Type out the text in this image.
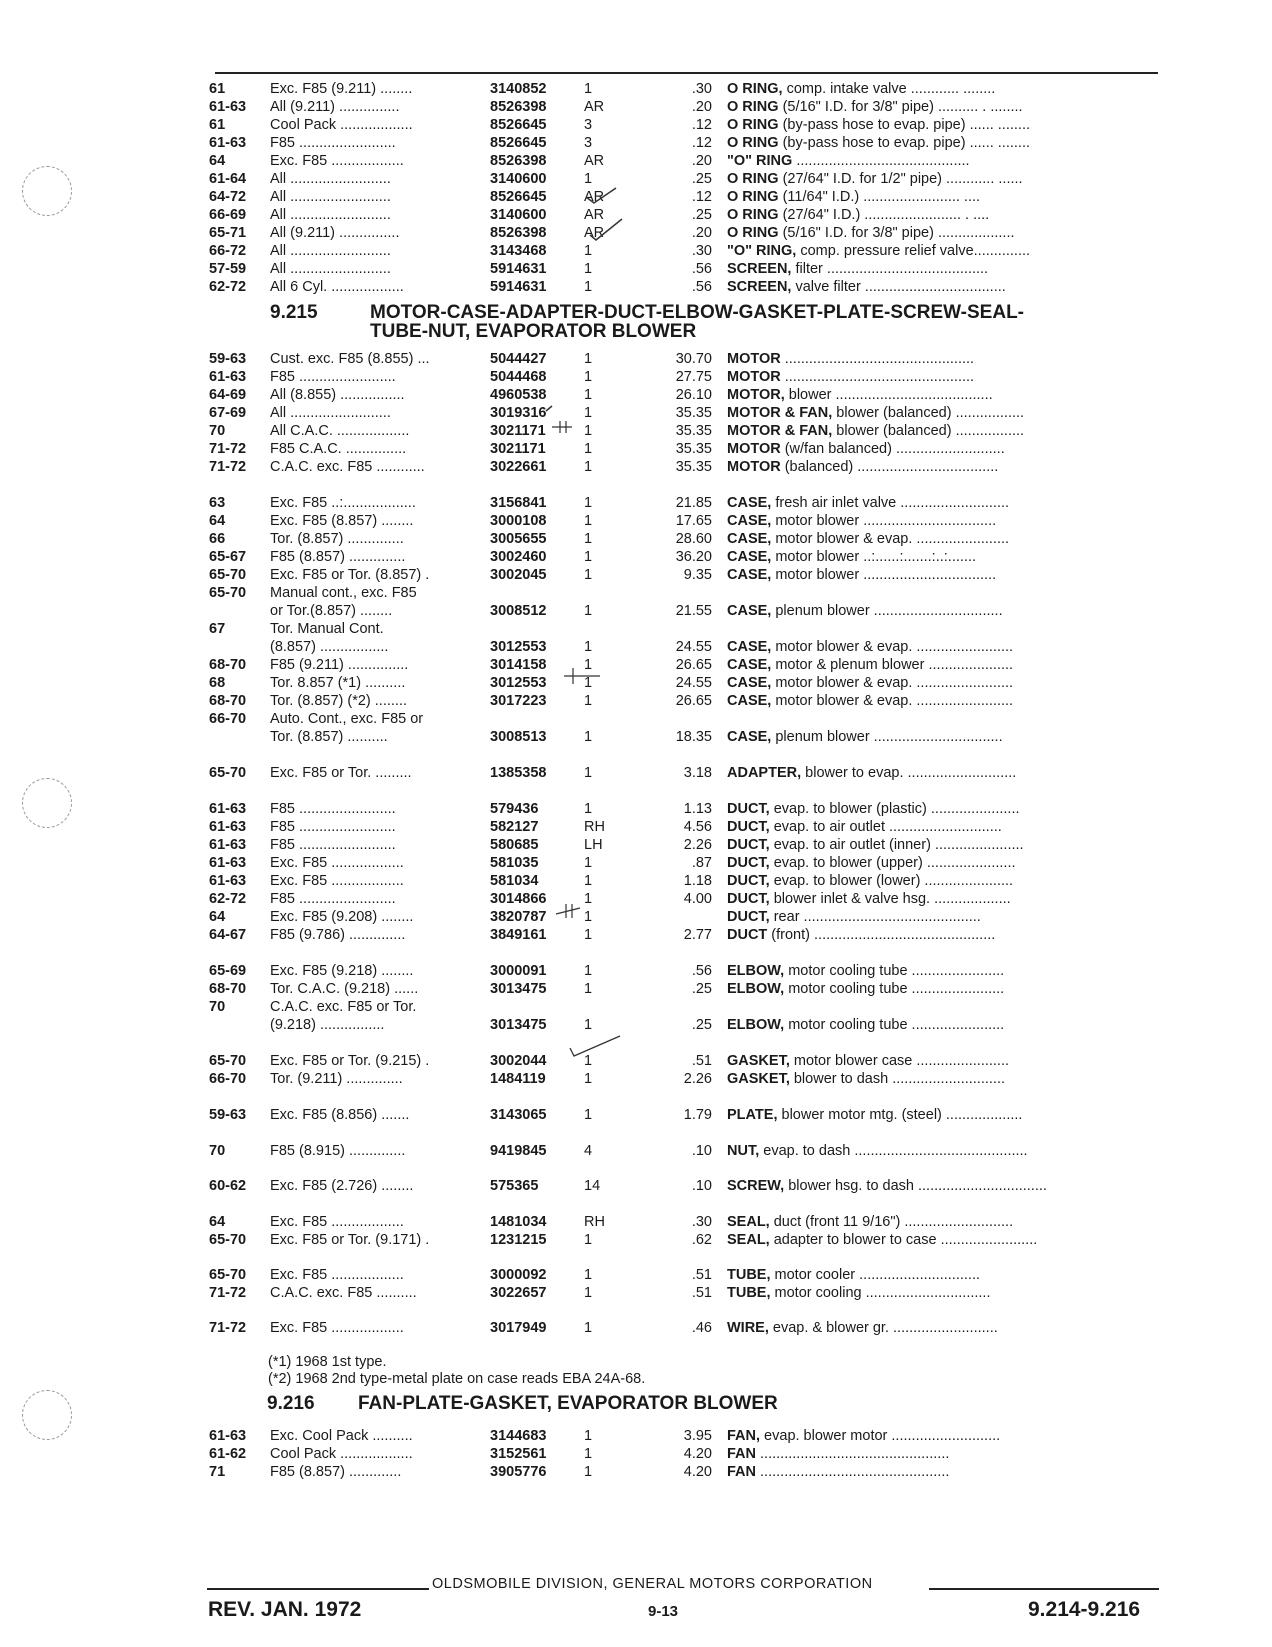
61	Exc. F85 (9.211) ........	3140852	1	.30 O RING, comp. intake valve ............ ........
61-63	All (9.211) ...............	8526398	AR	.20 O RING (5/16" I.D. for 3/8" pipe) .......... . ........
61	Cool Pack ..................	8526645	3	.12 O RING (by-pass hose to evap. pipe) ...... ........
61-63	F85 ........................	8526645	3	.12 O RING (by-pass hose to evap. pipe) ...... ........
64	Exc. F85 ..................	8526398	AR	.20 "O" RING ...........................................
61-64	All .........................	3140600	1	.25 O RING (27/64" I.D. for 1/2" pipe) ............ ......
64-72	All .........................	8526645	AR	.12 O RING (11/64" I.D.) ........................ ....
66-69	All .........................	3140600	AR	.25 O RING (27/64" I.D.) ........................ . ....
65-71	All (9.211) ...............	8526398	AR	.20 O RING (5/16" I.D. for 3/8" pipe) ...................
66-72	All .........................	3143468	1	.30 "O" RING, comp. pressure relief valve..............
57-59	All .........................	5914631	1	.56 SCREEN, filter ........................................
62-72	All 6 Cyl. ..................	5914631	1	.56 SCREEN, valve filter ...................................
59-63	Cust. exc. F85 (8.855) ...	5044427	1	30.70 MOTOR ...............................................
61-63	F85 ........................	5044468	1	27.75 MOTOR ...............................................
64-69	All (8.855) ................	4960538	1	26.10 MOTOR, blower .......................................
67-69	All .........................	3019316	1	35.35 MOTOR & FAN, blower (balanced) .................
70	All C.A.C. ..................	3021171	1	35.35 MOTOR & FAN, blower (balanced) .................
71-72	F85 C.A.C. ...............	3021171	1	35.35 MOTOR (w/fan balanced) ...........................
71-72	C.A.C. exc. F85 ............	3022661	1	35.35 MOTOR (balanced) ...................................
63	Exc. F85 ..:..................	3156841	1	21.85 CASE, fresh air inlet valve ...........................
64	Exc. F85 (8.857) ........	3000108	1	17.65 CASE, motor blower .................................
66	Tor. (8.857) ..............	3005655	1	28.60 CASE, motor blower & evap. .......................
65-67	F85 (8.857) ..............	3002460	1	36.20 CASE, motor blower ..:......:.......:..:.......
65-70	Exc. F85 or Tor. (8.857) .	3002045	1	9.35 CASE, motor blower .................................
65-70	Manual cont., exc. F85
or Tor.(8.857) ........	3008512	1	21.55 CASE, plenum blower ................................
67	Tor. Manual Cont.
(8.857) .................	3012553	1	24.55 CASE, motor blower & evap. ........................
68-70	F85 (9.211) ...............	3014158	1	26.65 CASE, motor & plenum blower .....................
68	Tor. 8.857 (*1) ..........	3012553	1	24.55 CASE, motor blower & evap. ........................
68-70	Tor. (8.857) (*2) ........	3017223	1	26.65 CASE, motor blower & evap. ........................
66-70	Auto. Cont., exc. F85 or
Tor. (8.857) ..........	3008513	1	18.35 CASE, plenum blower ................................
65-70	Exc. F85 or Tor. .........	1385358	1	3.18 ADAPTER, blower to evap. ...........................
61-63	F85 ........................	579436	1	1.13 DUCT, evap. to blower (plastic) ......................
61-63	F85 ........................	582127	RH	4.56 DUCT, evap. to air outlet ............................
61-63	F85 ........................	580685	LH	2.26 DUCT, evap. to air outlet (inner) ......................
61-63	Exc. F85 ..................	581035	1	.87 DUCT, evap. to blower (upper) ......................
61-63	Exc. F85 ..................	581034	1	1.18 DUCT, evap. to blower (lower) ......................
62-72	F85 ........................	3014866	1	4.00 DUCT, blower inlet & valve hsg. ...................
64	Exc. F85 (9.208) ........	3820787	1	DUCT, rear ............................................
64-67	F85 (9.786) ..............	3849161	1	2.77 DUCT (front) .............................................
65-69	Exc. F85 (9.218) ........	3000091	1	.56 ELBOW, motor cooling tube .......................
68-70	Tor. C.A.C. (9.218) ......	3013475	1	.25 ELBOW, motor cooling tube .......................
70	C.A.C. exc. F85 or Tor.
(9.218) ................	3013475	1	.25 ELBOW, motor cooling tube .......................
65-70	Exc. F85 or Tor. (9.215) .	3002044	1	.51 GASKET, motor blower case .......................
66-70	Tor. (9.211) ..............	1484119	1	2.26 GASKET, blower to dash ............................
59-63	Exc. F85 (8.856) .......	3143065	1	1.79 PLATE, blower motor mtg. (steel) ...................
70	F85 (8.915) ..............	9419845	4	.10 NUT, evap. to dash ...........................................
60-62	Exc. F85 (2.726) ........	575365	14	.10 SCREW, blower hsg. to dash ................................
64	Exc. F85 ..................	1481034	RH	.30 SEAL, duct (front 11 9/16") ...........................
65-70	Exc. F85 or Tor. (9.171) .	1231215	1	.62 SEAL, adapter to blower to case ........................
65-70	Exc. F85 ..................	3000092	1	.51 TUBE, motor cooler ..............................
71-72	C.A.C. exc. F85 ..........	3022657	1	.51 TUBE, motor cooling ...............................
71-72	Exc. F85 ..................	3017949	1	.46 WIRE, evap. & blower gr. ..........................
61-63	Exc. Cool Pack ..........	3144683	1	3.95 FAN, evap. blower motor ...........................
61-62	Cool Pack ..................	3152561	1	4.20 FAN ...............................................
71	F85 (8.857) .............	3905776	1	4.20 FAN ...............................................
9.215	MOTOR-CASE-ADAPTER-DUCT-ELBOW-GASKET-PLATE-SCREW-SEAL-
TUBE-NUT, EVAPORATOR BLOWER
(*1) 1968 1st type.
(*2) 1968 2nd type-metal plate on case reads EBA 24A-68.
9.216 FAN-PLATE-GASKET, EVAPORATOR BLOWER
OLDSMOBILE DIVISION, GENERAL MOTORS CORPORATION
REV. JAN. 1972	9-13	9.214-9.216
